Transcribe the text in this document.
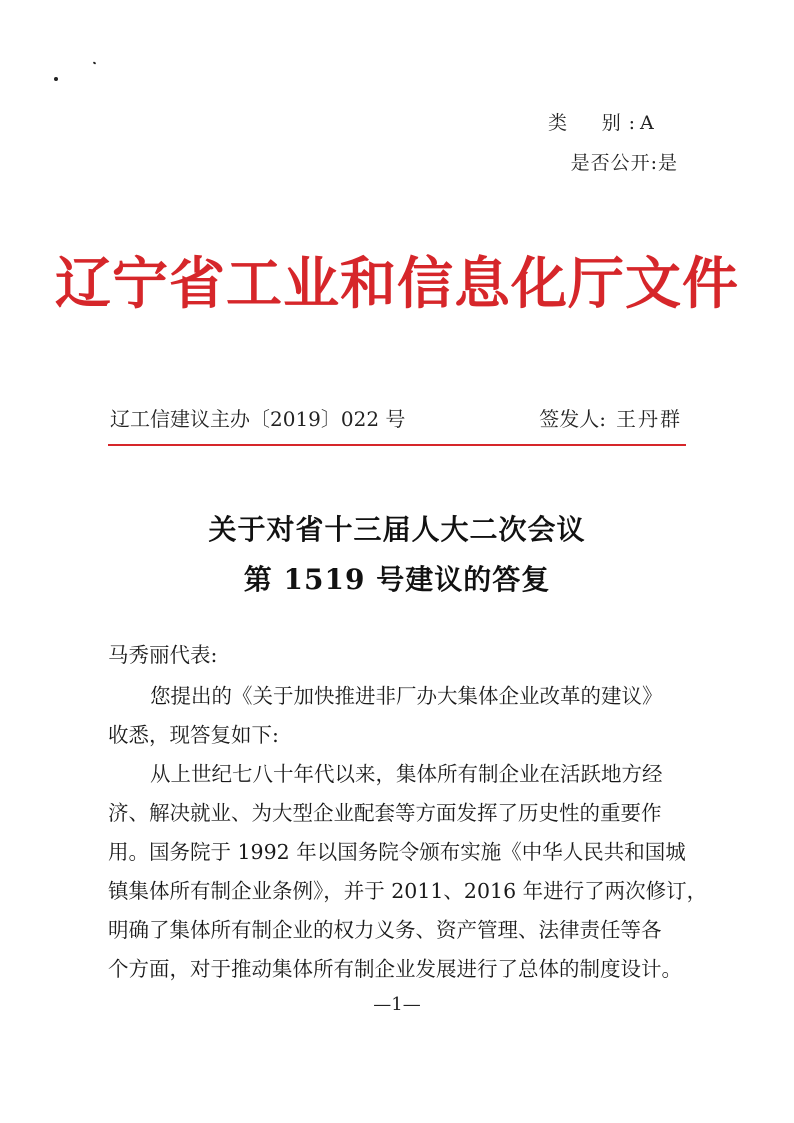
类　别: A
是否公开:是
辽宁省工业和信息化厅文件
辽工信建议主办〔2019〕022 号	签发人: 王丹群
关于对省十三届人大二次会议
第 1519 号建议的答复
马秀丽代表:
您提出的《关于加快推进非厂办大集体企业改革的建议》
收悉，现答复如下:
从上世纪七八十年代以来，集体所有制企业在活跃地方经
济、解决就业、为大型企业配套等方面发挥了历史性的重要作
用。国务院于 1992 年以国务院令颁布实施《中华人民共和国城
镇集体所有制企业条例》，并于 2011、2016 年进行了两次修订，
明确了集体所有制企业的权力义务、资产管理、法律责任等各
个方面，对于推动集体所有制企业发展进行了总体的制度设计。
—1—
